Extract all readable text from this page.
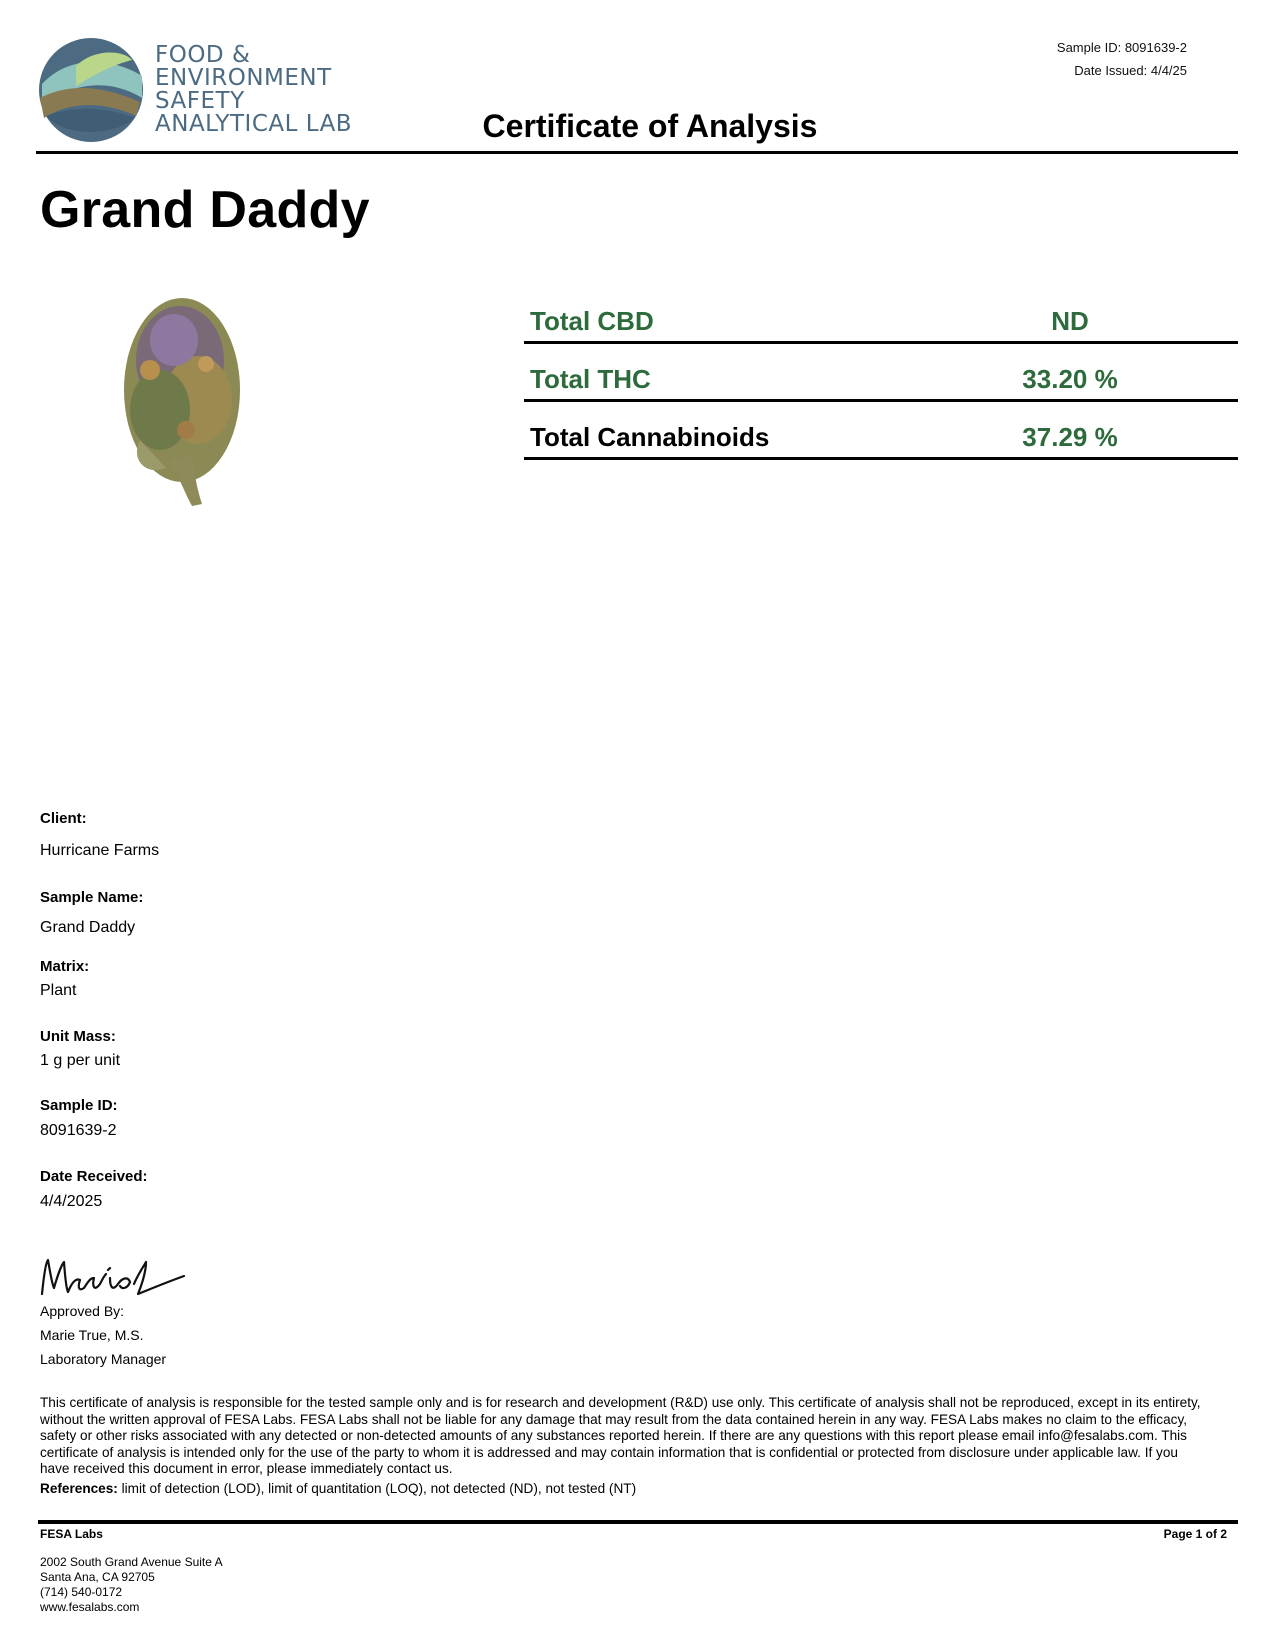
FOOD &
ENVIRONMENT
SAFETY
ANALYTICAL LAB
Sample ID: 8091639-2
Date Issued: 4/4/25
Certificate of Analysis
Grand Daddy
Total CBD	ND
Total THC	33.20 %
Total Cannabinoids	37.29 %
Client:
Hurricane Farms
Sample Name:
Grand Daddy
Matrix:
Plant
Unit Mass:
1 g per unit
Sample ID:
8091639-2
Date Received:
4/4/2025
Approved By:
Marie True, M.S.
Laboratory Manager
This certificate of analysis is responsible for the tested sample only and is for research and development (R&D) use only. This certificate of analysis shall not be reproduced, except in its entirety, without the written approval of FESA Labs. FESA Labs shall not be liable for any damage that may result from the data contained herein in any way. FESA Labs makes no claim to the efficacy, safety or other risks associated with any detected or non-detected amounts of any substances reported herein. If there are any questions with this report please email info@fesalabs.com. This certificate of analysis is intended only for the use of the party to whom it is addressed and may contain information that is confidential or protected from disclosure under applicable law. If you have received this document in error, please immediately contact us.
References: limit of detection (LOD), limit of quantitation (LOQ), not detected (ND), not tested (NT)
FESA Labs	Page 1 of 2
2002 South Grand Avenue Suite A
Santa Ana, CA 92705
(714) 540-0172
www.fesalabs.com
